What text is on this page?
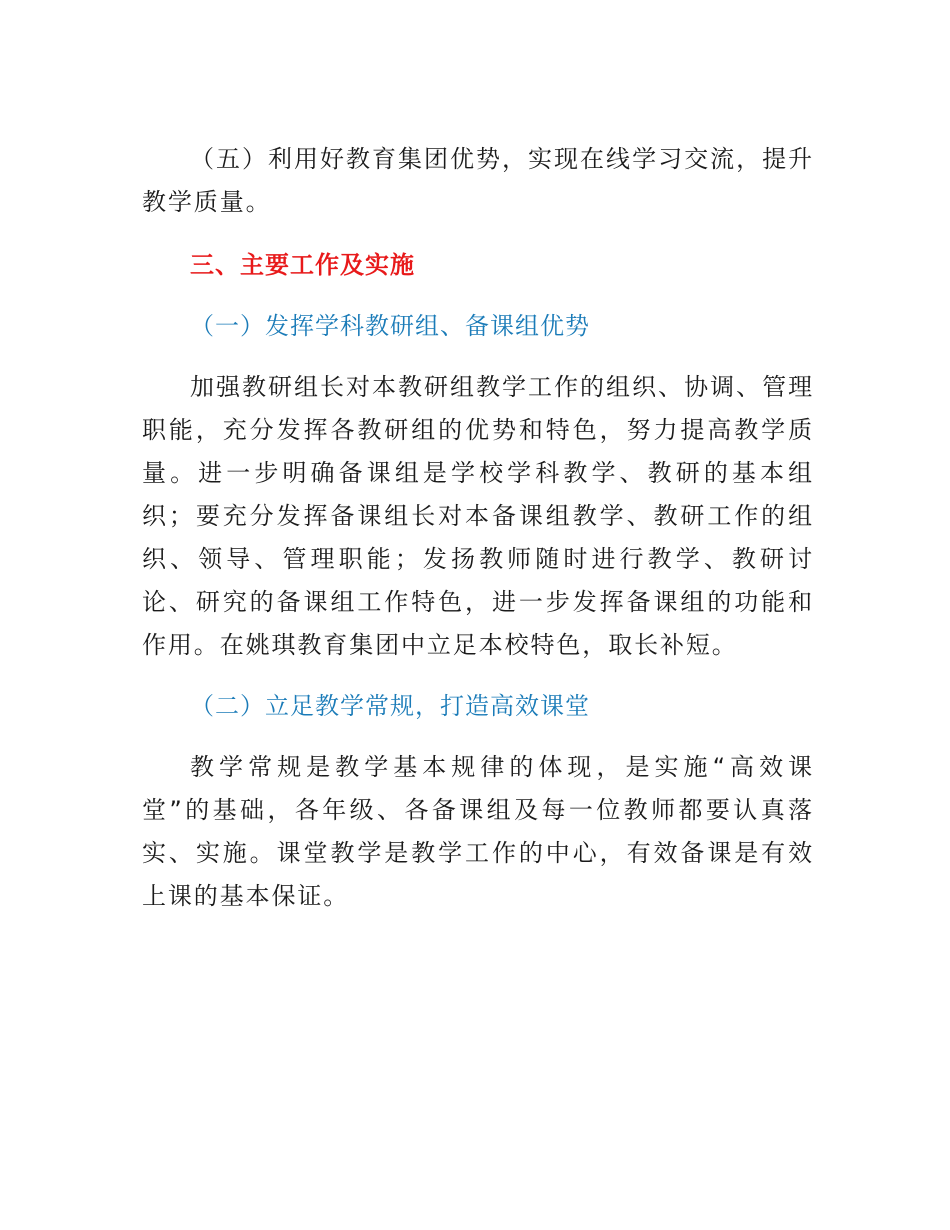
（五）利用好教育集团优势，实现在线学习交流，提升教学质量。

三、主要工作及实施

（一）发挥学科教研组、备课组优势

加强教研组长对本教研组教学工作的组织、协调、管理职能，充分发挥各教研组的优势和特色，努力提高教学质量。进一步明确备课组是学校学科教学、教研的基本组织；要充分发挥备课组长对本备课组教学、教研工作的组织、领导、管理职能；发扬教师随时进行教学、教研讨论、研究的备课组工作特色，进一步发挥备课组的功能和作用。在姚琪教育集团中立足本校特色，取长补短。

（二）立足教学常规，打造高效课堂

教学常规是教学基本规律的体现，是实施“高效课堂”的基础，各年级、各备课组及每一位教师都要认真落实、实施。课堂教学是教学工作的中心，有效备课是有效上课的基本保证。
